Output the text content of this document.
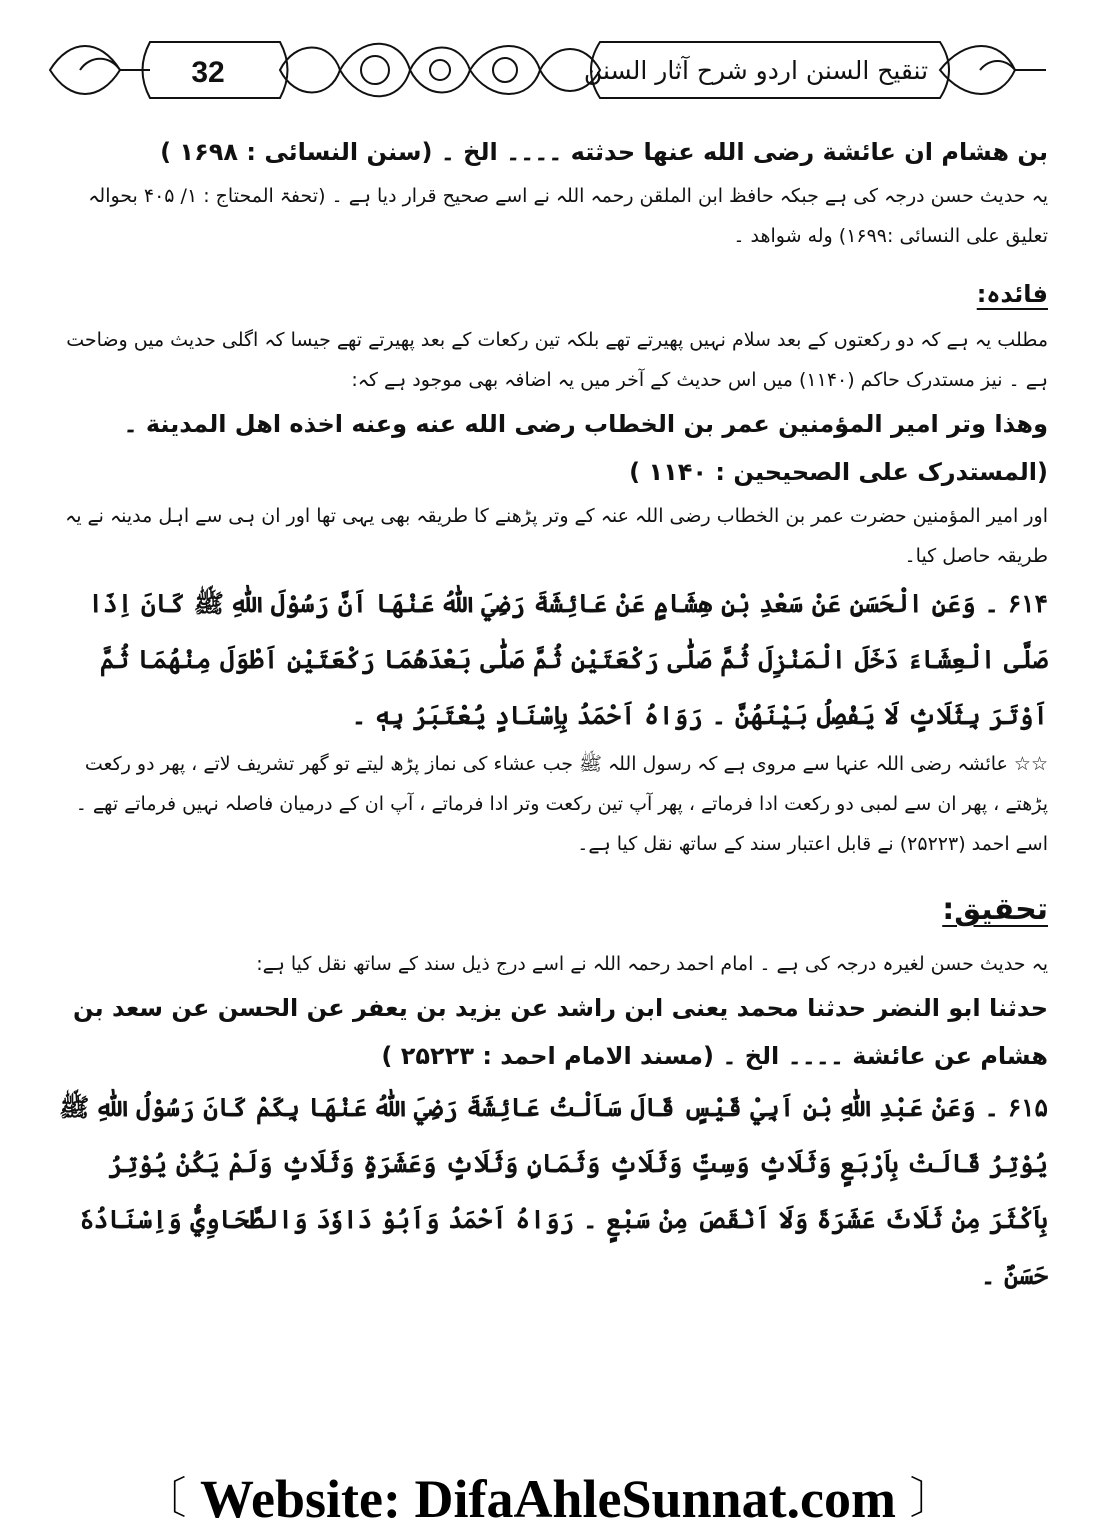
32	تنقیح السنن اردو شرح آثار السنن

بن هشام ان عائشة رضی الله عنها حدثته ۔۔۔۔ الخ ۔ (سنن النسائی : ۱۶۹۸ )

یہ حدیث حسن درجہ کی ہے جبکہ حافظ ابن الملقن رحمہ اللہ نے اسے صحیح قرار دیا ہے ۔ (تحفۃ المحتاج : ۱/ ۴۰۵ بحوالہ تعلیق علی النسائی :۱۶۹۹) وله شواهد ۔

فائدہ:

مطلب یہ ہے کہ دو رکعتوں کے بعد سلام نہیں پھیرتے تھے بلکہ تین رکعات کے بعد پھیرتے تھے جیسا کہ اگلی حدیث میں وضاحت ہے ۔ نیز مستدرک حاکم (۱۱۴۰) میں اس حدیث کے آخر میں یہ اضافہ بھی موجود ہے کہ:

وهذا وتر امير المؤمنين عمر بن الخطاب رضی الله عنه وعنه اخذه اهل المدينة ۔ (المستدرک علی الصحیحین : ۱۱۴۰ )

اور امیر المؤمنین حضرت عمر بن الخطاب رضی اللہ عنہ کے وتر پڑھنے کا طریقہ بھی یہی تھا اور ان ہی سے اہل مدینہ نے یہ طریقہ حاصل کیا۔

۶۱۴ ۔ وَعَنِ الْحَسَنِ عَنْ سَعْدِ بْنِ هِشَامٍ عَنْ عَائِشَةَ رَضِيَ اللّٰهُ عَنْهَا اَنَّ رَسُوْلَ اللّٰهِ ﷺ كَانَ اِذَا صَلَّى الْعِشَاءَ دَخَلَ الْمَنْزِلَ ثُمَّ صَلّٰى رَكْعَتَيْنِ ثُمَّ صَلّٰى بَعْدَهُمَا رَكْعَتَيْنِ اَطْوَلَ مِنْهُمَا ثُمَّ اَوْتَرَ بِثَلَاثٍ لَا يَفْصِلُ بَيْنَهُنَّ ۔ رَوَاهُ اَحْمَدُ بِاِسْنَادٍ يُعْتَبَرُ بِهٖ ۔

☆☆ عائشہ رضی اللہ عنہا سے مروی ہے کہ رسول اللہ ﷺ جب عشاء کی نماز پڑھ لیتے تو گھر تشریف لاتے ، پھر دو رکعت پڑھتے ، پھر ان سے لمبی دو رکعت ادا فرماتے ، پھر آپ تین رکعت وتر ادا فرماتے ، آپ ان کے درمیان فاصلہ نہیں فرماتے تھے ۔ اسے احمد (۲۵۲۲۳) نے قابل اعتبار سند کے ساتھ نقل کیا ہے۔

تحقیق:

یہ حدیث حسن لغیرہ درجہ کی ہے ۔ امام احمد رحمہ اللہ نے اسے درج ذیل سند کے ساتھ نقل کیا ہے:

حدثنا ابو النضر حدثنا محمد یعنی ابن راشد عن یزید بن یعفر عن الحسن عن سعد بن هشام عن عائشة ۔۔۔۔ الخ ۔ (مسند الامام احمد : ۲۵۲۲۳ )

۶۱۵ ۔ وَعَنْ عَبْدِ اللّٰهِ بْنِ اَبِيْ قَيْسٍ قَالَ سَاَلْتُ عَائِشَةَ رَضِيَ اللّٰهُ عَنْهَا بِكَمْ كَانَ رَسُوْلُ اللّٰهِ ﷺ يُوْتِرُ قَالَتْ بِاَرْبَعٍ وَثَلَاثٍ وَسِتٍّ وَثَلَاثٍ وَثَمَانٍ وَثَلَاثٍ وَعَشَرَةٍ وَثَلَاثٍ وَلَمْ يَكُنْ يُوْتِرُ بِاَكْثَرَ مِنْ ثَلَاثَ عَشَرَةَ وَلَا اَنْقَصَ مِنْ سَبْعٍ ۔ رَوَاهُ اَحْمَدُ وَاَبُوْ دَاوٗدَ وَالطَّحَاوِيُّ وَاِسْنَادُهٗ حَسَنٌ ۔

〔 Website: DifaAhleSunnat.com 〕
